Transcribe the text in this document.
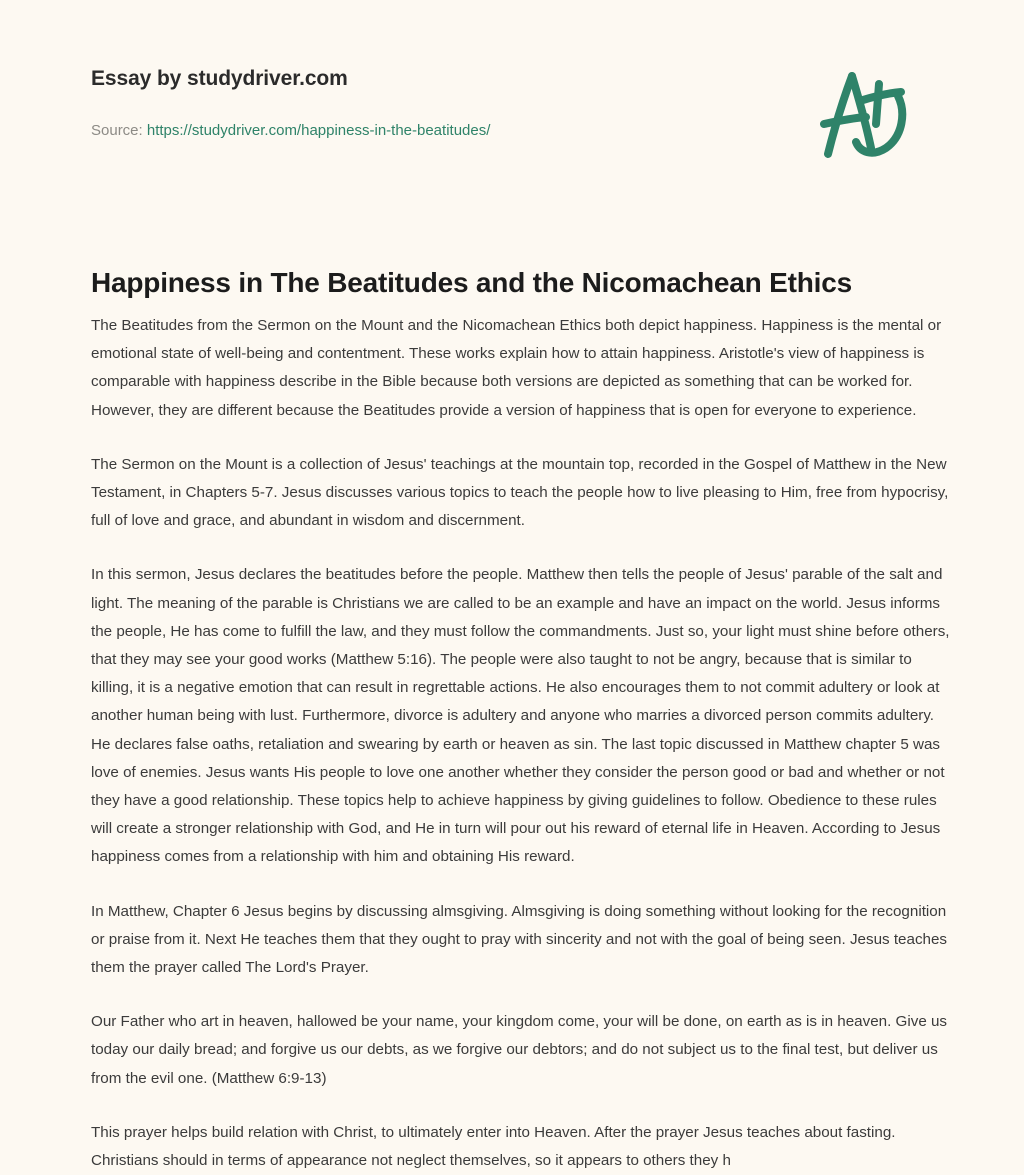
Essay by studydriver.com
Source: https://studydriver.com/happiness-in-the-beatitudes/
Happiness in The Beatitudes and the Nicomachean Ethics

The Beatitudes from the Sermon on the Mount and the Nicomachean Ethics both depict happiness. Happiness is the mental or emotional state of well-being and contentment. These works explain how to attain happiness. Aristotle's view of happiness is comparable with happiness describe in the Bible because both versions are depicted as something that can be worked for. However, they are different because the Beatitudes provide a version of happiness that is open for everyone to experience.

The Sermon on the Mount is a collection of Jesus' teachings at the mountain top, recorded in the Gospel of Matthew in the New Testament, in Chapters 5-7. Jesus discusses various topics to teach the people how to live pleasing to Him, free from hypocrisy, full of love and grace, and abundant in wisdom and discernment.

In this sermon, Jesus declares the beatitudes before the people. Matthew then tells the people of Jesus' parable of the salt and light. The meaning of the parable is Christians we are called to be an example and have an impact on the world. Jesus informs the people, He has come to fulfill the law, and they must follow the commandments. Just so, your light must shine before others, that they may see your good works (Matthew 5:16). The people were also taught to not be angry, because that is similar to killing, it is a negative emotion that can result in regrettable actions. He also encourages them to not commit adultery or look at another human being with lust. Furthermore, divorce is adultery and anyone who marries a divorced person commits adultery. He declares false oaths, retaliation and swearing by earth or heaven as sin. The last topic discussed in Matthew chapter 5 was love of enemies. Jesus wants His people to love one another whether they consider the person good or bad and whether or not they have a good relationship. These topics help to achieve happiness by giving guidelines to follow. Obedience to these rules will create a stronger relationship with God, and He in turn will pour out his reward of eternal life in Heaven. According to Jesus happiness comes from a relationship with him and obtaining His reward.

In Matthew, Chapter 6 Jesus begins by discussing almsgiving. Almsgiving is doing something without looking for the recognition or praise from it. Next He teaches them that they ought to pray with sincerity and not with the goal of being seen. Jesus teaches them the prayer called The Lord's Prayer.

Our Father who art in heaven, hallowed be your name, your kingdom come, your will be done, on earth as is in heaven. Give us today our daily bread; and forgive us our debts, as we forgive our debtors; and do not subject us to the final test, but deliver us from the evil one. (Matthew 6:9-13)

This prayer helps build relation with Christ, to ultimately enter into Heaven. After the prayer Jesus teaches about fasting. Christians should in terms of appearance not neglect themselves, so it appears to others they h
